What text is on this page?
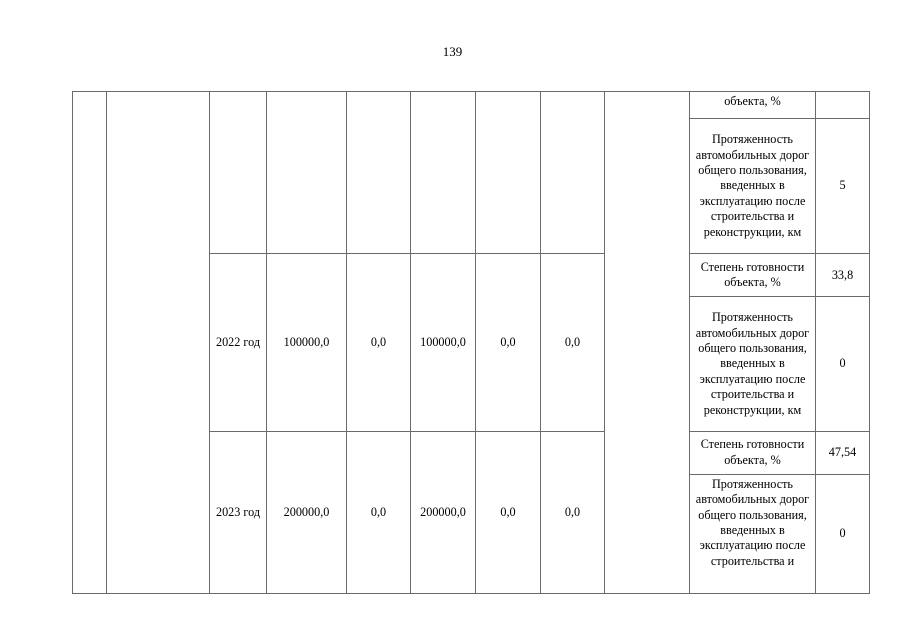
139
									объекта, %	
									Протяженность автомобильных дорог общего пользования, введенных в эксплуатацию после строительства и реконструкции, км	5
		2022 год	100000,0	0,0	100000,0	0,0	0,0		Степень готовности объекта, %	33,8
									Протяженность автомобильных дорог общего пользования, введенных в эксплуатацию после строительства и реконструкции, км	0
		2023 год	200000,0	0,0	200000,0	0,0	0,0		Степень готовности объекта, %	47,54
									Протяженность автомобильных дорог общего пользования, введенных в эксплуатацию после строительства и	0
